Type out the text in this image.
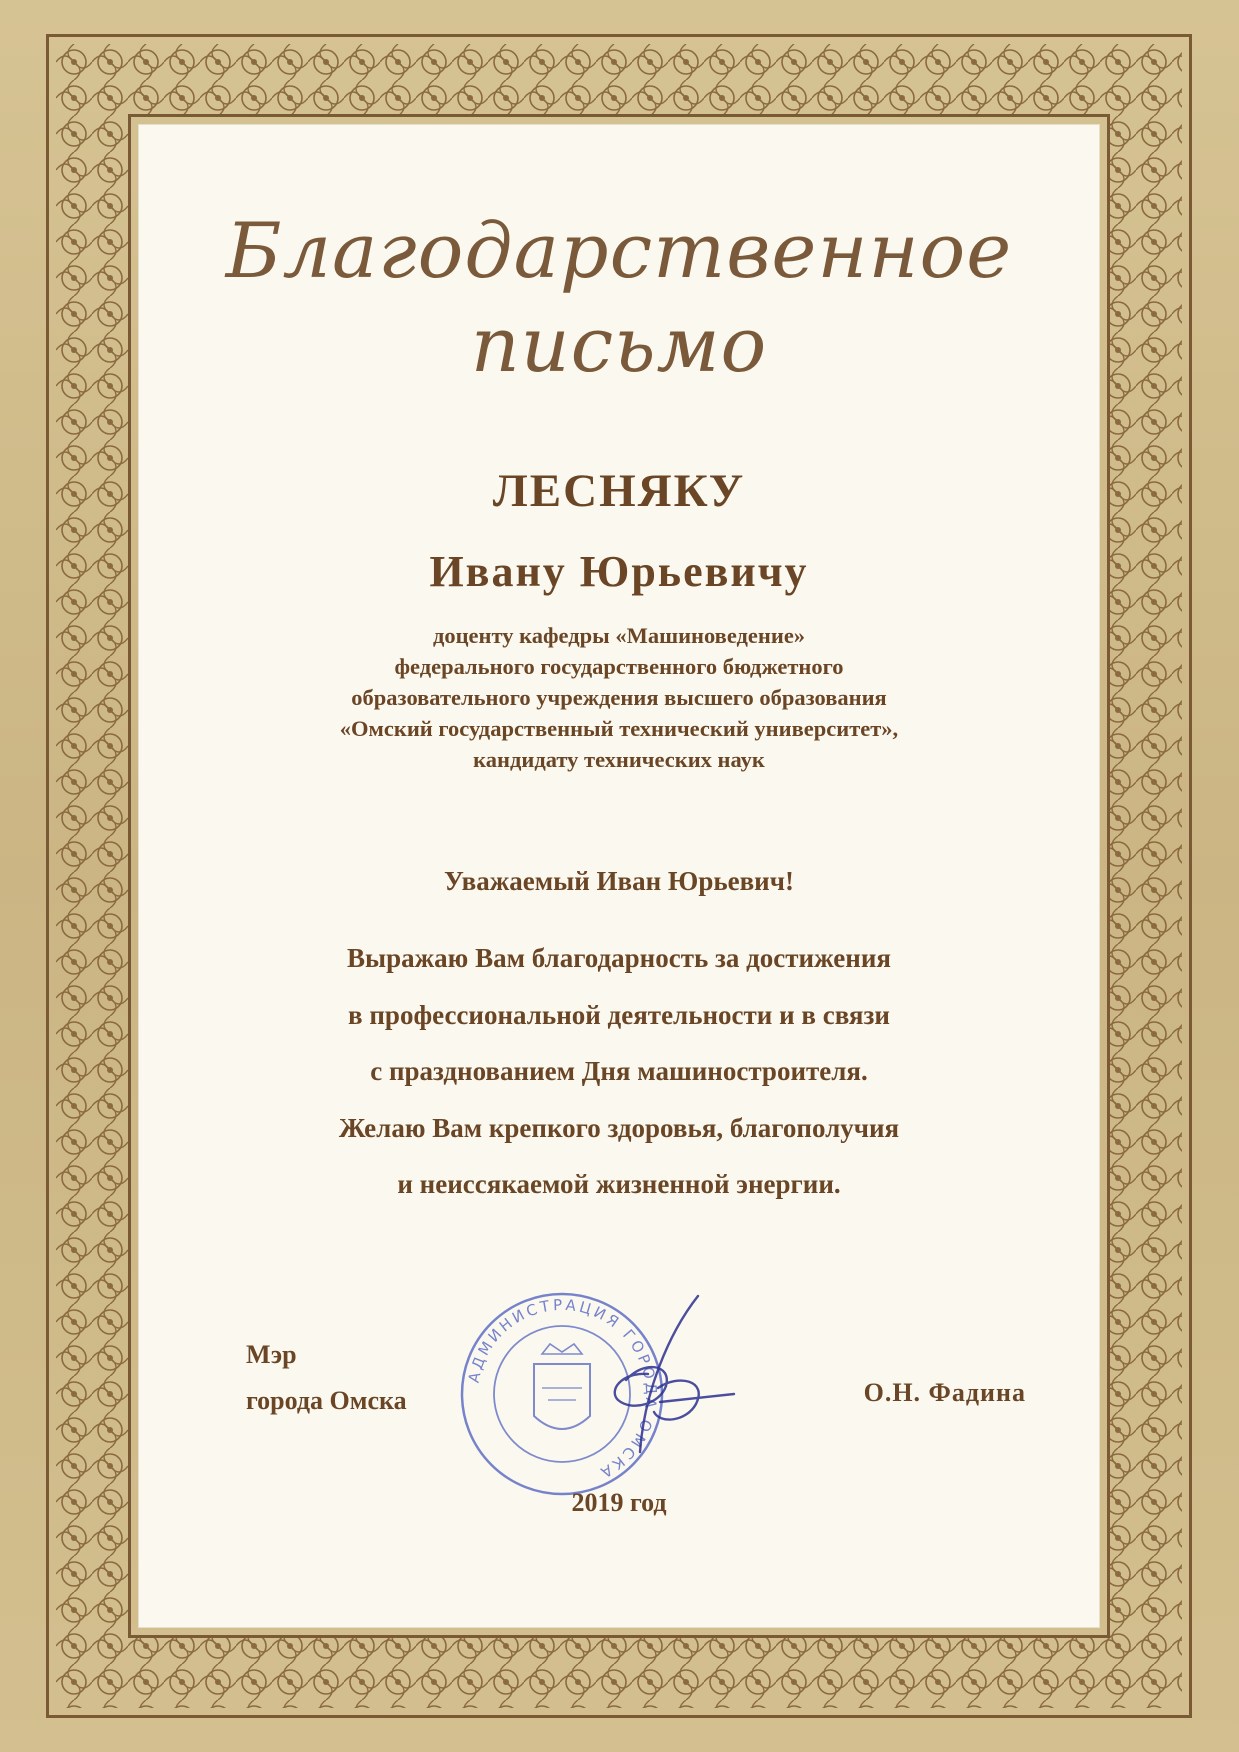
Благодарственное
письмо
ЛЕСНЯКУ
Ивану Юрьевичу
доценту кафедры «Машиноведение»
федерального государственного бюджетного
образовательного учреждения высшего образования
«Омский государственный технический университет»,
кандидату технических наук
Уважаемый Иван Юрьевич!
Выражаю Вам благодарность за достижения
в профессиональной деятельности и в связи
с празднованием Дня машиностроителя.
Желаю Вам крепкого здоровья, благополучия
и неиссякаемой жизненной энергии.
Мэр
города Омска	О.Н. Фадина
АДМИНИСТРАЦИЯ ГОРОДА ОМСКА
2019 год
